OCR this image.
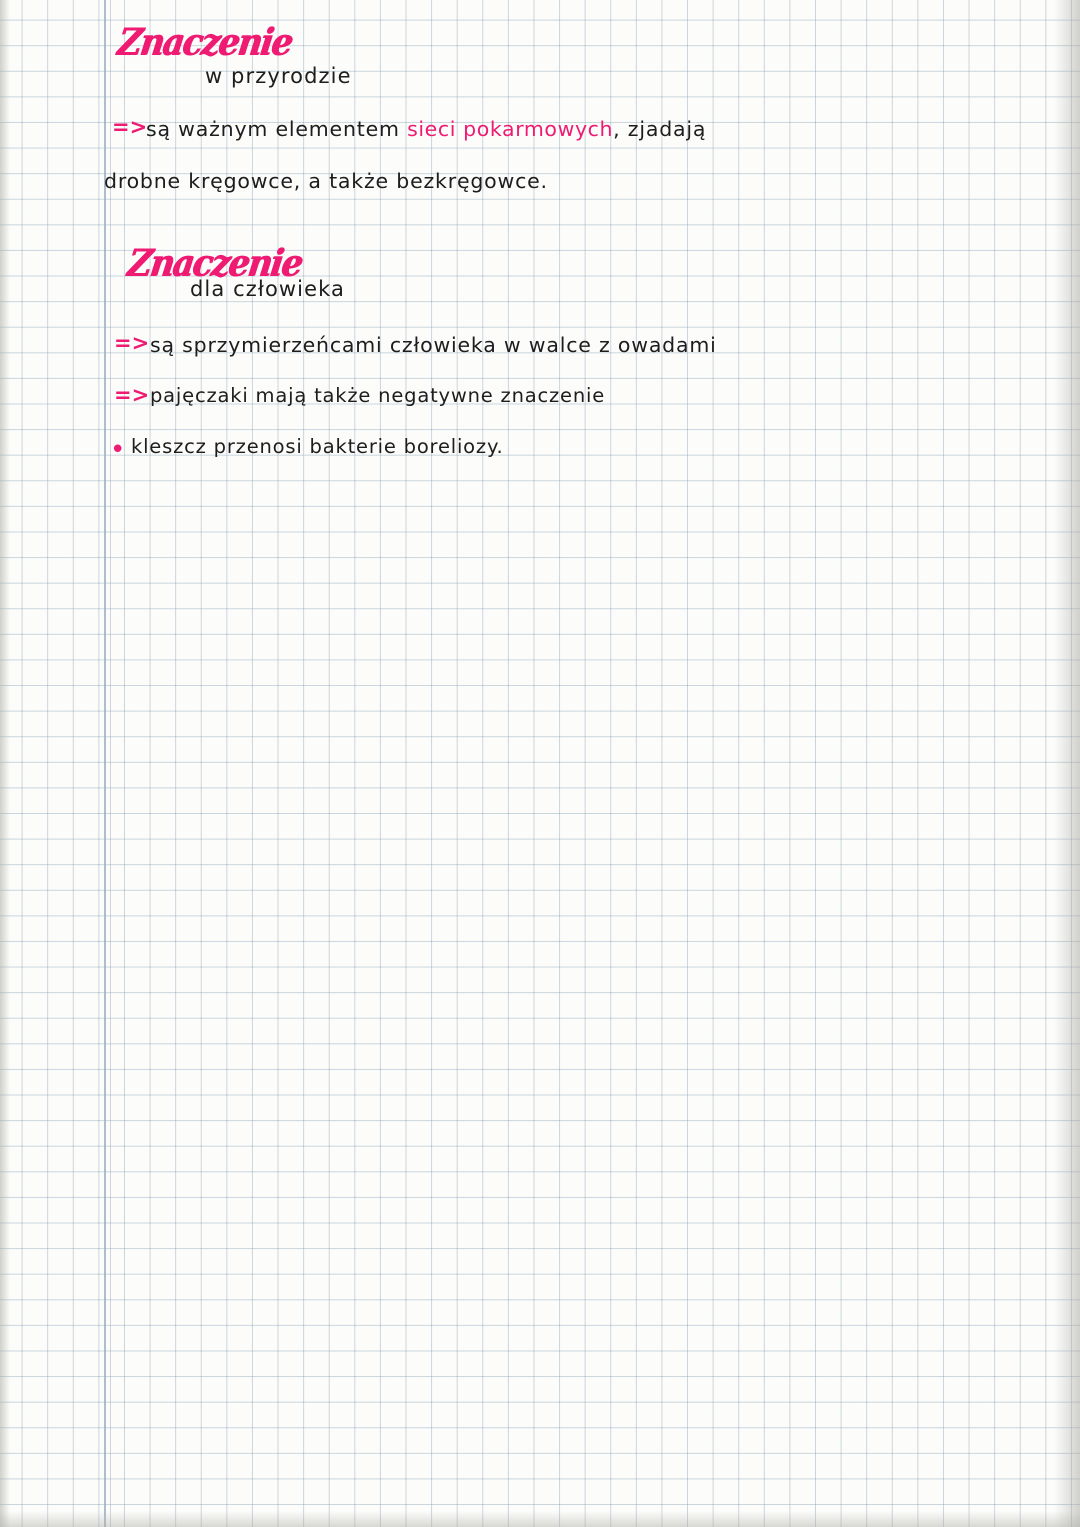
Znaczenie
w przyrodzie
=>
są ważnym elementem sieci pokarmowych, zjadają
drobne kręgowce, a także bezkręgowce.
Znaczenie
dla człowieka
=> są sprzymierzeńcami człowieka w walce z owadami
=> pajęczaki mają także negatywne znaczenie
• kleszcz przenosi bakterie boreliozy.
